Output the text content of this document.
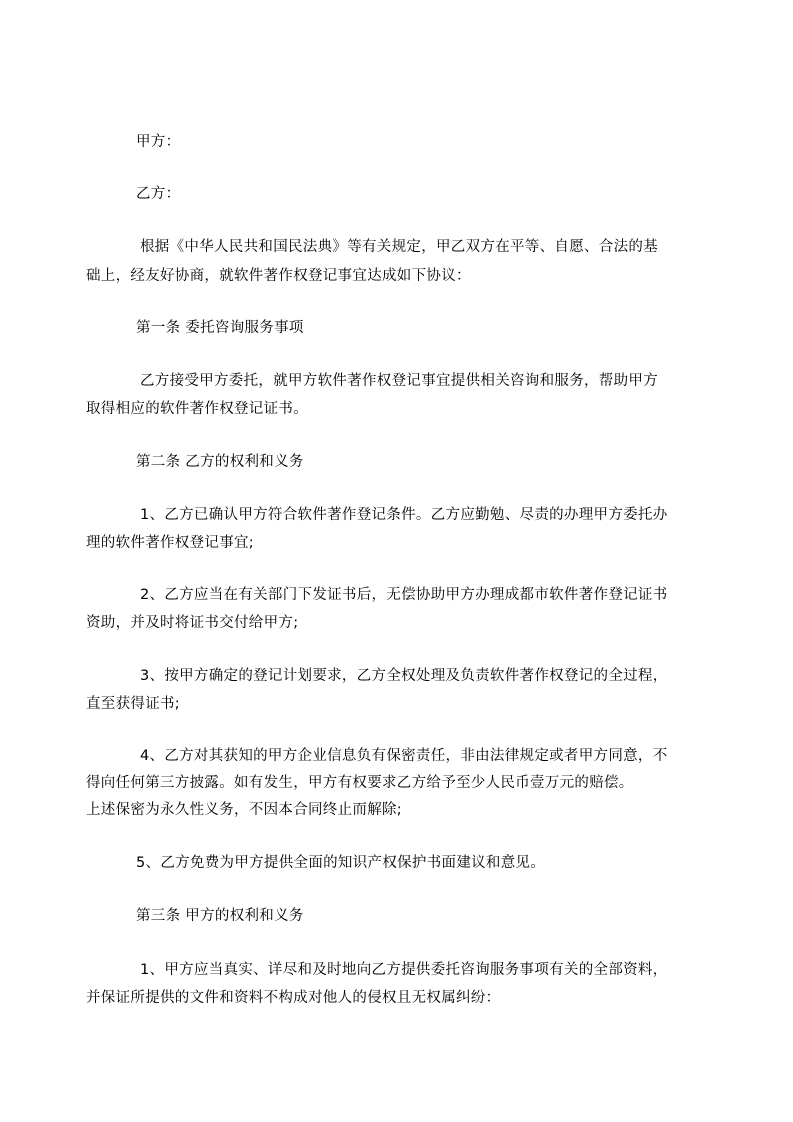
甲方：

乙方：

根据《中华人民共和国民法典》等有关规定，甲乙双方在平等、自愿、合法的基

础上，经友好协商，就软件著作权登记事宜达成如下协议：

第一条 委托咨询服务事项

乙方接受甲方委托，就甲方软件著作权登记事宜提供相关咨询和服务，帮助甲方

取得相应的软件著作权登记证书。

第二条 乙方的权利和义务

1、乙方已确认甲方符合软件著作登记条件。乙方应勤勉、尽责的办理甲方委托办

理的软件著作权登记事宜;

2、乙方应当在有关部门下发证书后，无偿协助甲方办理成都市软件著作登记证书

资助，并及时将证书交付给甲方;

3、按甲方确定的登记计划要求，乙方全权处理及负责软件著作权登记的全过程，

直至获得证书;

4、乙方对其获知的甲方企业信息负有保密责任，非由法律规定或者甲方同意，不

得向任何第三方披露。如有发生，甲方有权要求乙方给予至少人民币壹万元的赔偿。

上述保密为永久性义务，不因本合同终止而解除;

5、乙方免费为甲方提供全面的知识产权保护书面建议和意见。

第三条 甲方的权利和义务

1、甲方应当真实、详尽和及时地向乙方提供委托咨询服务事项有关的全部资料，

并保证所提供的文件和资料不构成对他人的侵权且无权属纠纷：
